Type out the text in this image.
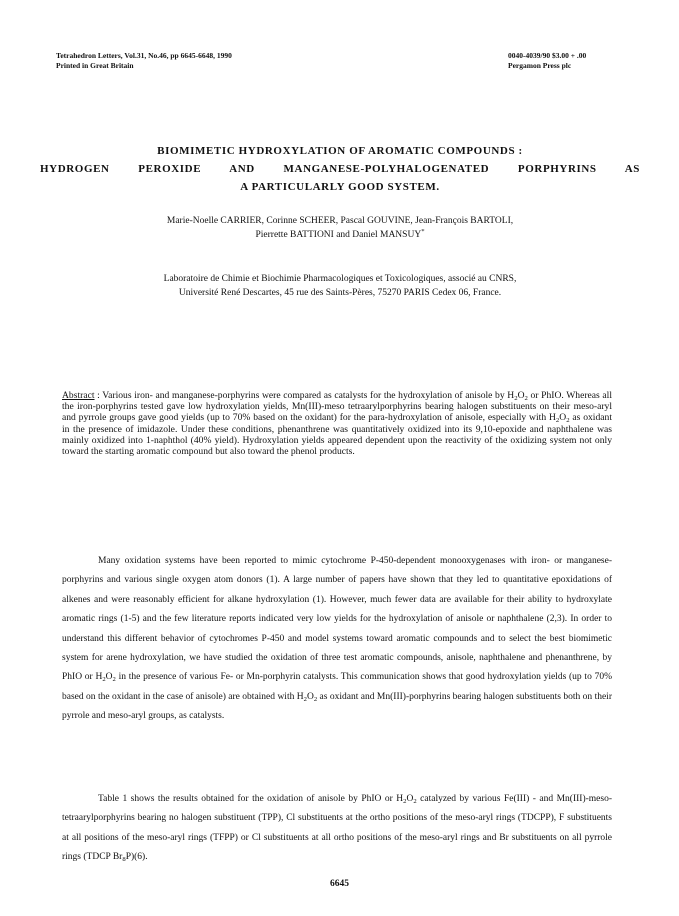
Tetrahedron Letters, Vol.31, No.46, pp 6645-6648, 1990
Printed in Great Britain
0040-4039/90 $3.00 + .00
Pergamon Press plc
BIOMIMETIC HYDROXYLATION OF AROMATIC COMPOUNDS :
HYDROGEN PEROXIDE AND MANGANESE-POLYHALOGENATED PORPHYRINS AS
A PARTICULARLY GOOD SYSTEM.
Marie-Noelle CARRIER, Corinne SCHEER, Pascal GOUVINE, Jean-François BARTOLI,
Pierrette BATTIONI and Daniel MANSUY*
Laboratoire de Chimie et Biochimie Pharmacologiques et Toxicologiques, associé au CNRS,
Université René Descartes, 45 rue des Saints-Pères, 75270 PARIS Cedex 06, France.
Abstract : Various iron- and manganese-porphyrins were compared as catalysts for the hydroxylation of anisole by $H_2O_2$ or PhIO. Whereas all the iron-porphyrins tested gave low hydroxylation yields, Mn(III)-meso tetraarylporphyrins bearing halogen substituents on their meso-aryl and pyrrole groups gave good yields (up to 70% based on the oxidant) for the para-hydroxylation of anisole, especially with $H_2O_2$ as oxidant in the presence of imidazole. Under these conditions, phenanthrene was quantitatively oxidized into its 9,10-epoxide and naphthalene was mainly oxidized into 1-naphthol (40% yield). Hydroxylation yields appeared dependent upon the reactivity of the oxidizing system not only toward the starting aromatic compound but also toward the phenol products.
Many oxidation systems have been reported to mimic cytochrome P-450-dependent monooxygenases with iron- or manganese-porphyrins and various single oxygen atom donors (1). A large number of papers have shown that they led to quantitative epoxidations of alkenes and were reasonably efficient for alkane hydroxylation (1). However, much fewer data are available for their ability to hydroxylate aromatic rings (1-5) and the few literature reports indicated very low yields for the hydroxylation of anisole or naphthalene (2,3). In order to understand this different behavior of cytochromes P-450 and model systems toward aromatic compounds and to select the best biomimetic system for arene hydroxylation, we have studied the oxidation of three test aromatic compounds, anisole, naphthalene and phenanthrene, by PhIO or $H_2O_2$ in the presence of various Fe- or Mn-porphyrin catalysts. This communication shows that good hydroxylation yields (up to 70% based on the oxidant in the case of anisole) are obtained with $H_2O_2$ as oxidant and Mn(III)-porphyrins bearing halogen substituents both on their pyrrole and meso-aryl groups, as catalysts.
Table 1 shows the results obtained for the oxidation of anisole by PhIO or $H_2O_2$ catalyzed by various Fe(III) - and Mn(III)-meso-tetraarylporphyrins bearing no halogen substituent (TPP), Cl substituents at the ortho positions of the meso-aryl rings (TDCPP), F substituents at all positions of the meso-aryl rings (TFPP) or Cl substituents at all ortho positions of the meso-aryl rings and Br substituents on all pyrrole rings (TDCP $Br_8P)(6)$.
6645
